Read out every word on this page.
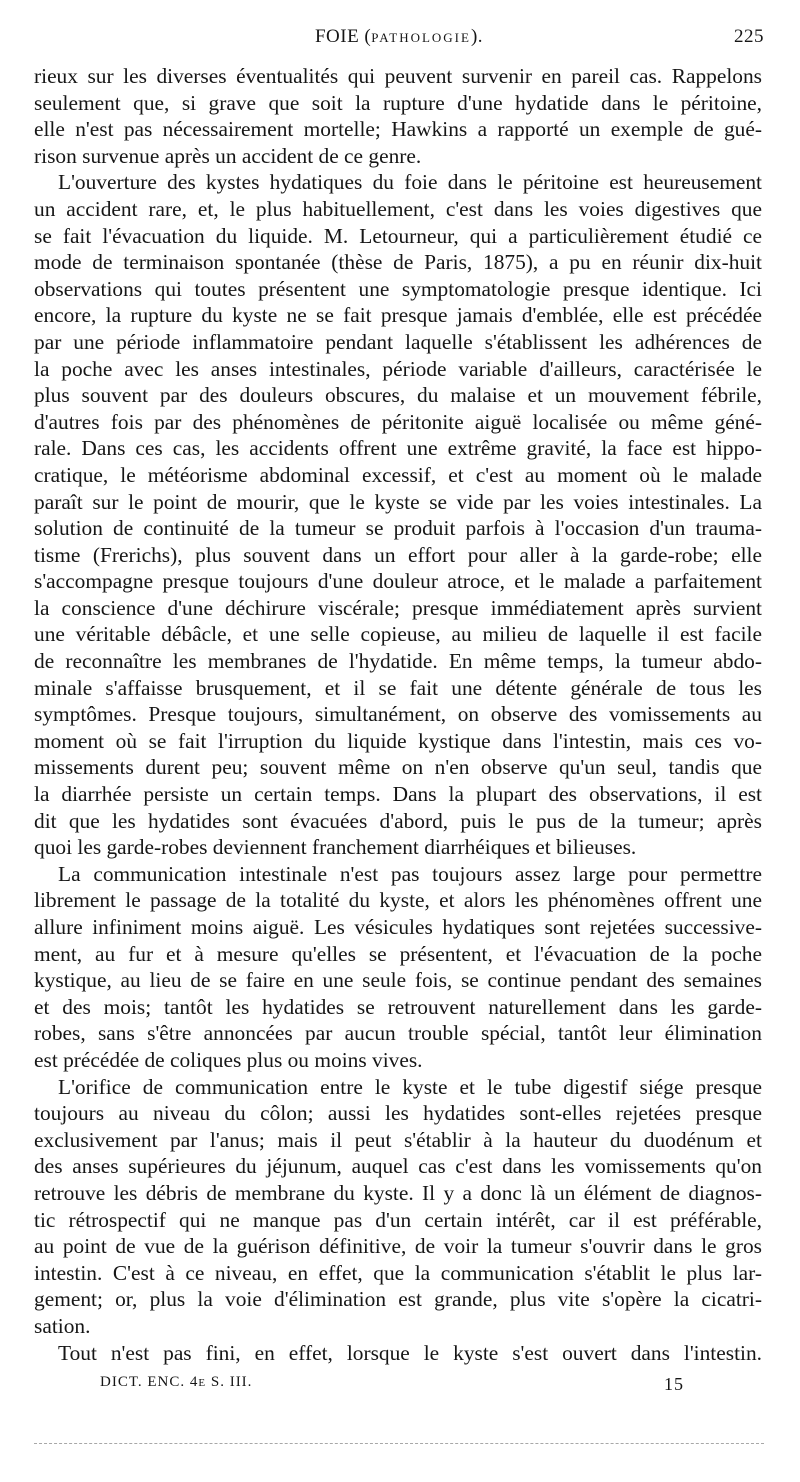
FOIE (PATHOLOGIE).	225
rieux sur les diverses éventualités qui peuvent survenir en pareil cas. Rappelons
seulement que, si grave que soit la rupture d'une hydatide dans le péritoine,
elle n'est pas nécessairement mortelle; Hawkins a rapporté un exemple de gué-
rison survenue après un accident de ce genre.
L'ouverture des kystes hydatiques du foie dans le péritoine est heureusement
un accident rare, et, le plus habituellement, c'est dans les voies digestives que
se fait l'évacuation du liquide. M. Letourneur, qui a particulièrement étudié ce
mode de terminaison spontanée (thèse de Paris, 1875), a pu en réunir dix-huit
observations qui toutes présentent une symptomatologie presque identique. Ici
encore, la rupture du kyste ne se fait presque jamais d'emblée, elle est précédée
par une période inflammatoire pendant laquelle s'établissent les adhérences de
la poche avec les anses intestinales, période variable d'ailleurs, caractérisée le
plus souvent par des douleurs obscures, du malaise et un mouvement fébrile,
d'autres fois par des phénomènes de péritonite aiguë localisée ou même géné-
rale. Dans ces cas, les accidents offrent une extrême gravité, la face est hippo-
cratique, le météorisme abdominal excessif, et c'est au moment où le malade
paraît sur le point de mourir, que le kyste se vide par les voies intestinales. La
solution de continuité de la tumeur se produit parfois à l'occasion d'un trauma-
tisme (Frerichs), plus souvent dans un effort pour aller à la garde-robe; elle
s'accompagne presque toujours d'une douleur atroce, et le malade a parfaitement
la conscience d'une déchirure viscérale; presque immédiatement après survient
une véritable débâcle, et une selle copieuse, au milieu de laquelle il est facile
de reconnaître les membranes de l'hydatide. En même temps, la tumeur abdo-
minale s'affaisse brusquement, et il se fait une détente générale de tous les
symptômes. Presque toujours, simultanément, on observe des vomissements au
moment où se fait l'irruption du liquide kystique dans l'intestin, mais ces vo-
missements durent peu; souvent même on n'en observe qu'un seul, tandis que
la diarrhée persiste un certain temps. Dans la plupart des observations, il est
dit que les hydatides sont évacuées d'abord, puis le pus de la tumeur; après
quoi les garde-robes deviennent franchement diarrhéiques et bilieuses.
La communication intestinale n'est pas toujours assez large pour permettre
librement le passage de la totalité du kyste, et alors les phénomènes offrent une
allure infiniment moins aiguë. Les vésicules hydatiques sont rejetées successive-
ment, au fur et à mesure qu'elles se présentent, et l'évacuation de la poche
kystique, au lieu de se faire en une seule fois, se continue pendant des semaines
et des mois; tantôt les hydatides se retrouvent naturellement dans les garde-
robes, sans s'être annoncées par aucun trouble spécial, tantôt leur élimination
est précédée de coliques plus ou moins vives.
L'orifice de communication entre le kyste et le tube digestif siége presque
toujours au niveau du côlon; aussi les hydatides sont-elles rejetées presque
exclusivement par l'anus; mais il peut s'établir à la hauteur du duodénum et
des anses supérieures du jéjunum, auquel cas c'est dans les vomissements qu'on
retrouve les débris de membrane du kyste. Il y a donc là un élément de diagnos-
tic rétrospectif qui ne manque pas d'un certain intérêt, car il est préférable,
au point de vue de la guérison définitive, de voir la tumeur s'ouvrir dans le gros
intestin. C'est à ce niveau, en effet, que la communication s'établit le plus lar-
gement; or, plus la voie d'élimination est grande, plus vite s'opère la cicatri-
sation.
Tout n'est pas fini, en effet, lorsque le kyste s'est ouvert dans l'intestin.
DICT. ENC. 4e S. III.	15
